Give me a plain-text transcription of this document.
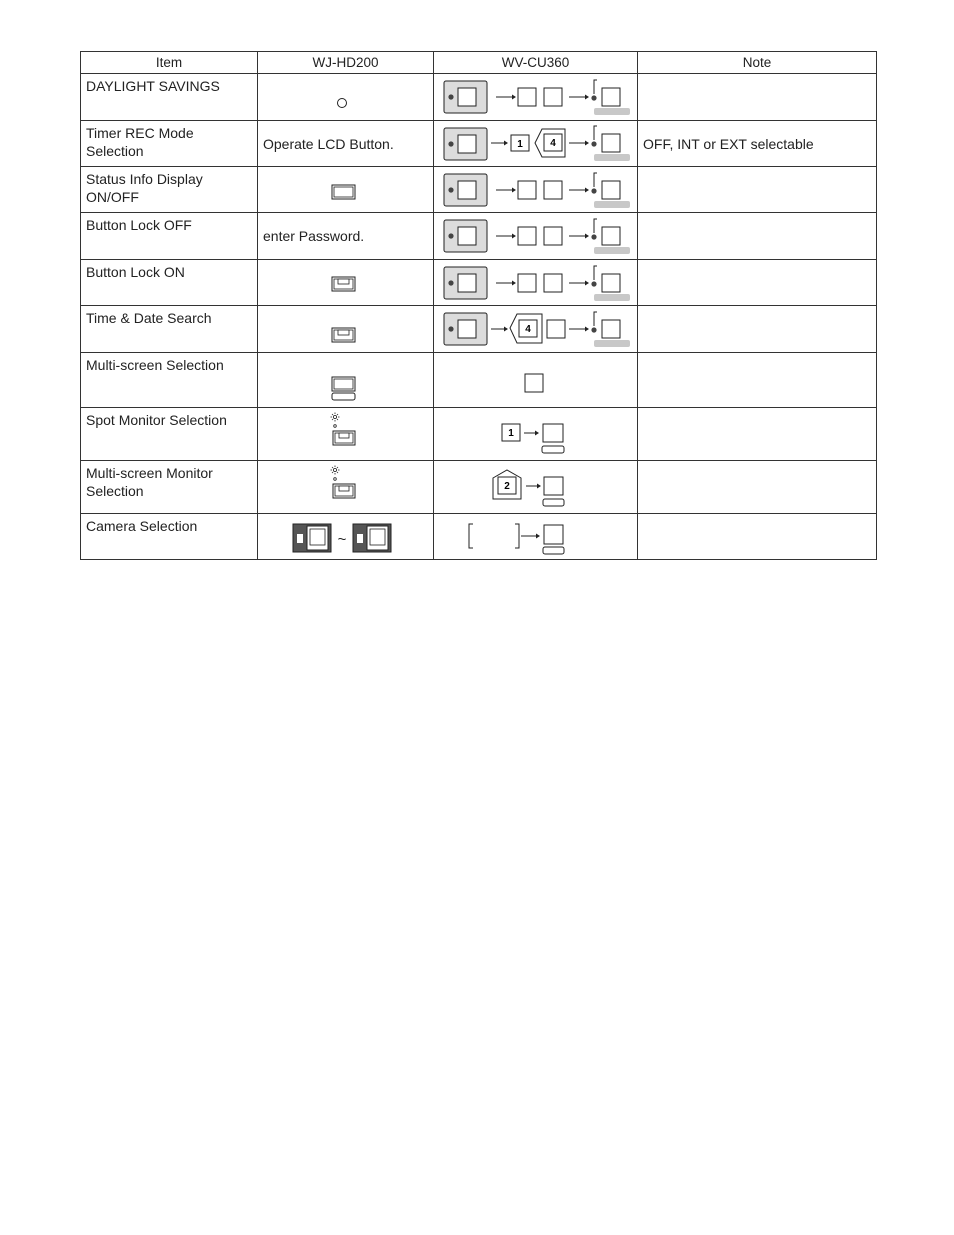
Item	WJ-HD200	WV-CU360	Note
DAYLIGHT SAVINGS	

Timer REC Mode Selection	Operate LCD Button.	1 4	OFF, INT or EXT selectable
Status Info Display ON/OFF	

Button Lock OFF	enter Password.	

Button Lock ON	

Time & Date Search		4	

Multi-screen Selection	

Spot Monitor Selection		1	

Multi-screen Monitor Selection		2	

Camera Selection	~
